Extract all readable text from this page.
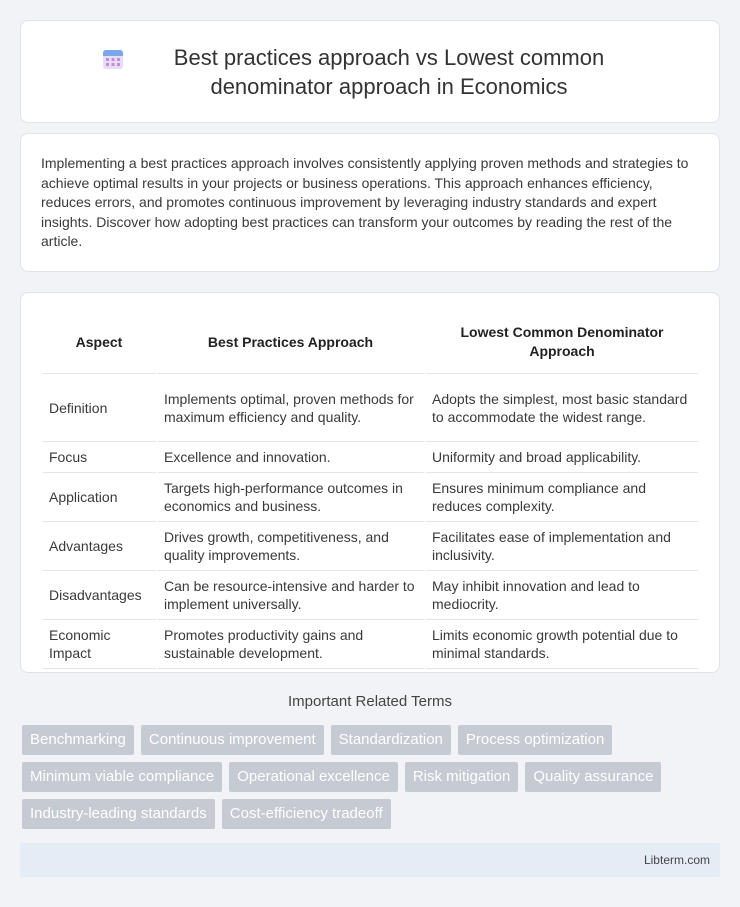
Best practices approach vs Lowest common denominator approach in Economics

Implementing a best practices approach involves consistently applying proven methods and strategies to achieve optimal results in your projects or business operations. This approach enhances efficiency, reduces errors, and promotes continuous improvement by leveraging industry standards and expert insights. Discover how adopting best practices can transform your outcomes by reading the rest of the article.

Aspect	Best Practices Approach	Lowest Common Denominator Approach
Definition	Implements optimal, proven methods for maximum efficiency and quality.	Adopts the simplest, most basic standard to accommodate the widest range.
Focus	Excellence and innovation.	Uniformity and broad applicability.
Application	Targets high-performance outcomes in economics and business.	Ensures minimum compliance and reduces complexity.
Advantages	Drives growth, competitiveness, and quality improvements.	Facilitates ease of implementation and inclusivity.
Disadvantages	Can be resource-intensive and harder to implement universally.	May inhibit innovation and lead to mediocrity.
Economic Impact	Promotes productivity gains and sustainable development.	Limits economic growth potential due to minimal standards.
Important Related Terms
Benchmarking	Continuous improvement	Standardization	Process optimization
Minimum viable compliance	Operational excellence	Risk mitigation	Quality assurance
Industry-leading standards	Cost-efficiency tradeoff
Libterm.com
